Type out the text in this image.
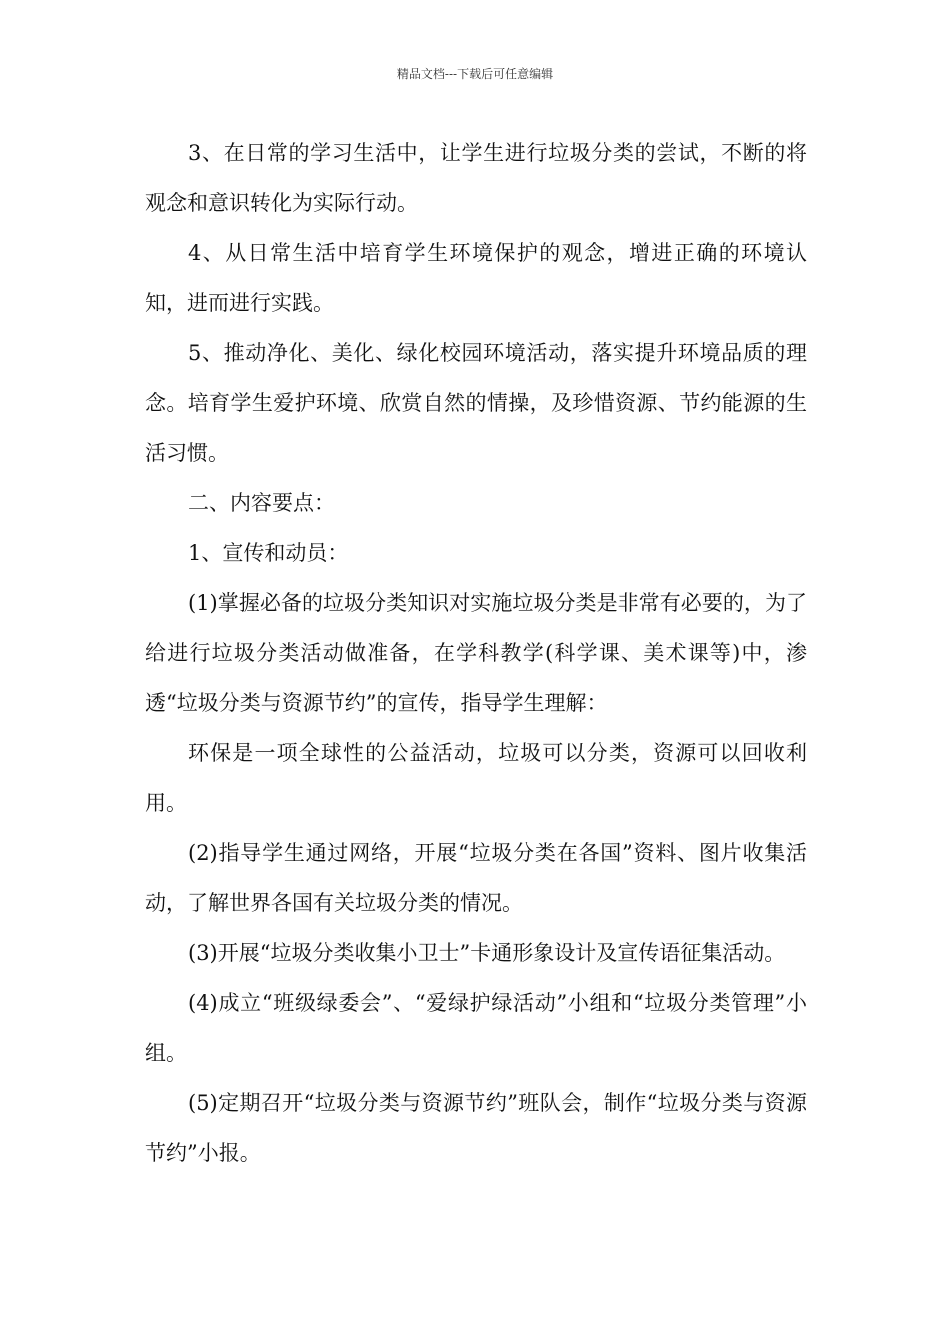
精品文档---下载后可任意编辑

3、在日常的学习生活中，让学生进行垃圾分类的尝试，不断的将观念和意识转化为实际行动。

4、从日常生活中培育学生环境保护的观念，增进正确的环境认知，进而进行实践。

5、推动净化、美化、绿化校园环境活动，落实提升环境品质的理念。培育学生爱护环境、欣赏自然的情操，及珍惜资源、节约能源的生活习惯。

二、内容要点：

1、宣传和动员：

(1)掌握必备的垃圾分类知识对实施垃圾分类是非常有必要的，为了给进行垃圾分类活动做准备，在学科教学(科学课、美术课等)中，渗透“垃圾分类与资源节约”的宣传，指导学生理解：

环保是一项全球性的公益活动，垃圾可以分类，资源可以回收利用。

(2)指导学生通过网络，开展“垃圾分类在各国”资料、图片收集活动，了解世界各国有关垃圾分类的情况。

(3)开展“垃圾分类收集小卫士”卡通形象设计及宣传语征集活动。

(4)成立“班级绿委会”、“爱绿护绿活动”小组和“垃圾分类管理”小组。

(5)定期召开“垃圾分类与资源节约”班队会，制作“垃圾分类与资源节约”小报。
